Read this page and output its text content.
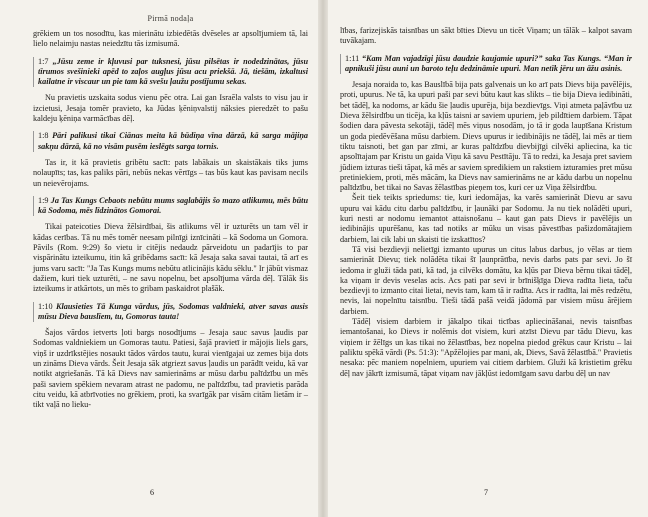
Pirmā nodaļa

grēkiem un tos nosodītu, kas mierinātu izbiedētās dvēseles ar apsolījumiem tā, lai lielo nelaimju nastas neiedzītu tās izmisumā.

1:7 „Jūsu zeme ir kļuvusi par tuksnesi, jūsu pilsētas ir nodedzinātas, jūsu tīrumos svešinieki apēd to zaļos augļus jūsu acu priekšā. Jā, tiešām, izkaltusi kailatne ir viscaur un pie tam kā svešu ļaužu postījumu sekas.

Nu pravietis uzskaita sodus vienu pēc otra. Lai gan Israēla valsts to visu jau ir izcietusi, Jesaja tomēr pravieto, ka Jūdas ķēniņvalstij nāksies pieredzēt to pašu kaldeju ķēniņa varmācības dēļ.

1:8 Pāri palikusi tikai Ciānas meita kā būdiņa vīna dārzā, kā sarga mājiņa sakņu dārzā, kā no visām pusēm ieslēgts sarga tornis.

Tas ir, it kā pravietis gribētu sacīt: pats labākais un skaistākais tiks jums nolaupīts; tas, kas paliks pāri, nebūs nekas vērtīgs – tas būs kaut kas pavisam necils un neievērojams.

1:9 Ja Tas Kungs Cebaots nebūtu mums saglabājis šo mazo atlikumu, mēs būtu kā Sodoma, mēs līdzinātos Gomorai.

Tikai pateicoties Dieva žēlsirdībai, šis atlikums vēl ir uzturēts un tam vēl ir kādas cerības. Tā nu mēs tomēr neesam pilnīgi iznīcināti – kā Sodoma un Gomora. Pāvils (Rom. 9:29) šo vietu ir citējis nedaudz pārveidotu un padarījis to par vispārinātu izteikumu, itin kā gribēdams sacīt: kā Jesaja saka savai tautai, tā arī es jums varu sacīt: "Ja Tas Kungs mums nebūtu atlicinājis kādu sēklu." Ir jābūt vismaz dažiem, kuri tiek uzturēti, – ne savu nopelnu, bet apsolījuma vārda dēļ. Tālāk šis izteikums ir atkārtots, un mēs to gribam paskaidrot plašāk.

1:10 Klausieties Tā Kunga vārdus, jūs, Sodomas valdnieki, atver savas ausis mūsu Dieva bauslīem, tu, Gomoras tauta!

Šajos vārdos ietverts ļoti bargs nosodījums – Jesaja sauc savus ļaudis par Sodomas valdniekiem un Gomoras tautu. Patiesi, šajā pravietī ir mājojis liels gars, viņš ir uzdrīkstējies nosaukt tādos vārdos tautu, kurai vienīgajai uz zemes bija dots un zināms Dieva vārds. Šeit Jesaja sāk atgriezt savus ļaudis un parādīt veidu, kā var notikt atgriešanās. Tā kā Dievs nav samierināms ar mūsu darbu palīdzību un mēs paši saviem spēkiem nevaram atrast ne padomu, ne palīdzību, tad pravietis parāda citu veidu, kā atbrīvoties no grēkiem, proti, ka svarīgāk par visām citām lietām ir – tikt vaļā no lieku-

6

lības, farizejiskās taisnības un sākt bīties Dievu un ticēt Viņam; un tālāk – kalpot savam tuvākajam.

1:11 “Kam Man vajadzīgi jūsu daudzie kaujamie upuri?” saka Tas Kungs. “Man ir apnikuši jūsu auni un baroto teļu dedzināmie upuri. Man netīk jēru un āžu asinis.

Jesaja noraida to, kas Bauslībā bija pats galvenais un ko arī pats Dievs bija pavēlējis, proti, upurus. Ne tā, ka upuri paši par sevi būtu kaut kas slikts – tie bija Dieva iedibināti, bet tādēļ, ka nodoms, ar kādu šie ļaudis upurēja, bija bezdievīgs. Viņi atmeta paļāvību uz Dieva žēlsirdību un ticēja, ka kļūs taisni ar saviem upuriem, jeb pildītiem darbiem. Tāpat šodien dara pāvesta sekotāji, tādēļ mēs viņus nosodām, jo tā ir goda laupīšana Kristum un goda piedēvēšana mūsu darbiem. Dievs upurus ir iedibinājis ne tādēļ, lai mēs ar tiem tiktu taisnoti, bet gan par zīmi, ar kuras palīdzību dievbijīgi cilvēki apliecina, ka tic apsolītajam par Kristu un gaida Viņu kā savu Pestītāju. Tā to redzi, ka Jesaja pret saviem jūdiem izturas tieši tāpat, kā mēs ar saviem spredikiem un rakstiem izturamies pret mūsu pretiniekiem, proti, mēs mācām, ka Dievs nav samierināms ne ar kādu darbu un nopelnu palīdzību, bet tikai no Savas žēlastības pieņem tos, kuri cer uz Viņa žēlsirdību.

Šeit tiek teikts spriedums: tie, kuri iedomājas, ka varēs samierināt Dievu ar savu upuru vai kādu citu darbu palīdzību, ir ļaunāki par Sodomu. Ja nu tiek nolādēti upuri, kuri nesti ar nodomu iemantot attaisnošanu – kaut gan pats Dievs ir pavēlējis un iedibinājis upurēšanu, kas tad notiks ar mūku un visas pāvestības pašizdomātajiem darbiem, lai cik labi un skaisti tie izskatītos?

Tā visi bezdievji nelietīgi izmanto upurus un citus labus darbus, jo vēlas ar tiem samierināt Dievu; tiek nolādēta tikai šī ļaunprātība, nevis darbs pats par sevi. Jo šī iedoma ir gluži tāda pati, kā tad, ja cilvēks domātu, ka kļūs par Dieva bērnu tikai tādēļ, ka viņam ir devis veselas acis. Acs pati par sevi ir brīnišķīga Dieva radīta lieta, taču bezdievji to izmanto citai lietai, nevis tam, kam tā ir radīta. Acs ir radīta, lai mēs redzētu, nevis, lai nopelnītu taisnību. Tieši tādā pašā veidā jādomā par visiem mūsu ārējiem darbiem.

Tādēļ visiem darbiem ir jākalpo tikai ticības apliecināšanai, nevis taisnības iemantošanai, ko Dievs ir nolēmis dot visiem, kuri atzīst Dievu par tādu Dievu, kas viņiem ir žēlīgs un kas tikai no žēlastības, bez nopelna piedod grēkus caur Kristu – lai paliktu spēkā vārdi (Ps. 51:3): "Apžēlojies par mani, ak, Dievs, Savā žēlastībā." Pravietis nesaka: pēc maniem nopelniem, upuriem vai citiem darbiem. Gluži kā kristietim grēku dēļ nav jākrīt izmisumā, tāpat viņam nav jākļūst iedomīgam savu darbu dēļ un nav

7
